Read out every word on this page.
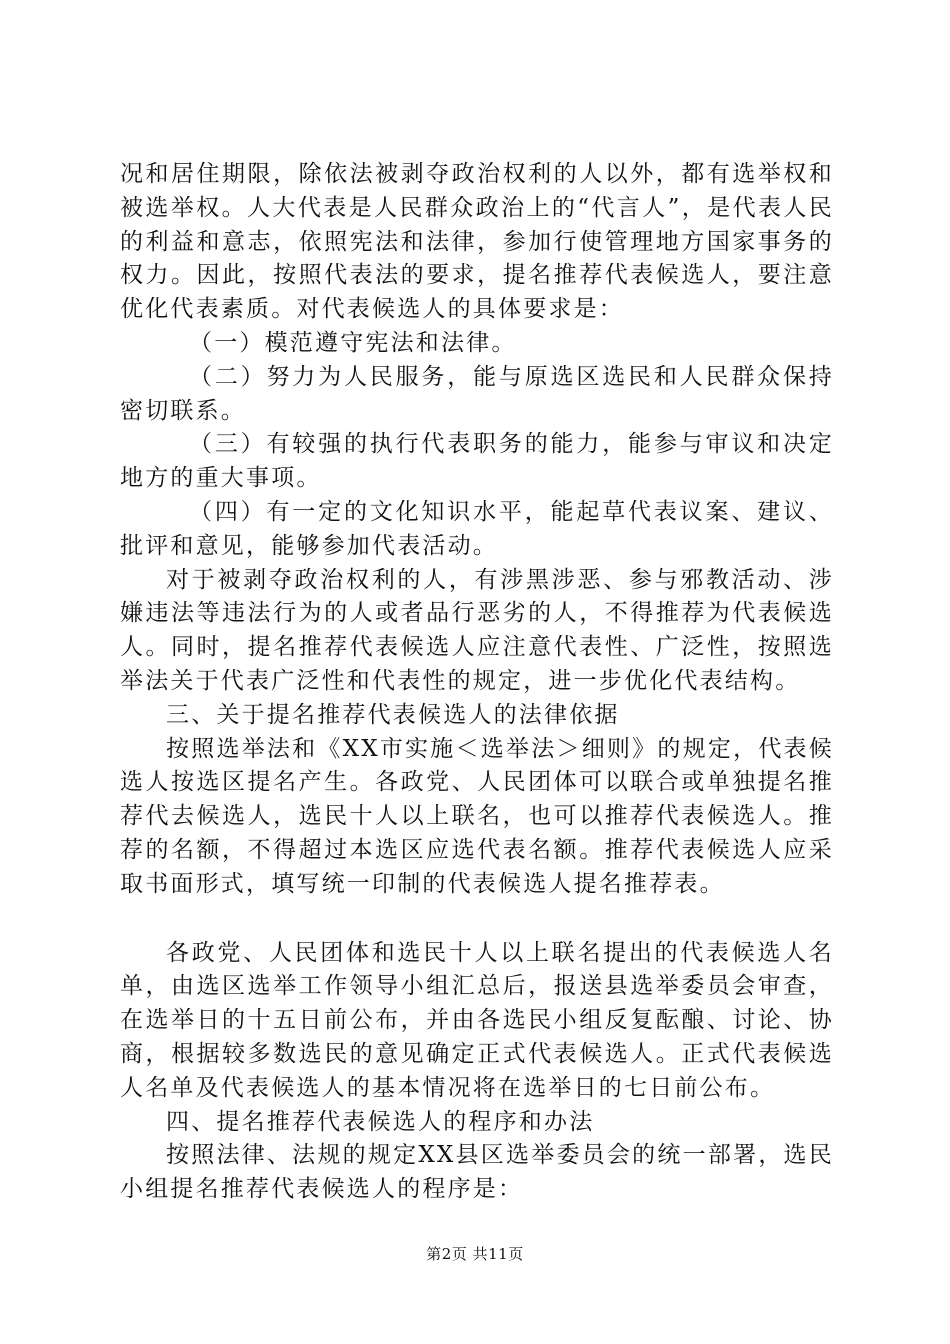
况和居住期限，除依法被剥夺政治权利的人以外，都有选举权和被选举权。人大代表是人民群众政治上的“代言人”，是代表人民的利益和意志，依照宪法和法律，参加行使管理地方国家事务的权力。因此，按照代表法的要求，提名推荐代表候选人，要注意优化代表素质。对代表候选人的具体要求是：

（一）模范遵守宪法和法律。

（二）努力为人民服务，能与原选区选民和人民群众保持密切联系。

（三）有较强的执行代表职务的能力，能参与审议和决定地方的重大事项。

（四）有一定的文化知识水平，能起草代表议案、建议、批评和意见，能够参加代表活动。

对于被剥夺政治权利的人，有涉黑涉恶、参与邪教活动、涉嫌违法等违法行为的人或者品行恶劣的人，不得推荐为代表候选人。同时，提名推荐代表候选人应注意代表性、广泛性，按照选举法关于代表广泛性和代表性的规定，进一步优化代表结构。

三、关于提名推荐代表候选人的法律依据

按照选举法和《XX市实施＜选举法＞细则》的规定，代表候选人按选区提名产生。各政党、人民团体可以联合或单独提名推荐代去候选人，选民十人以上联名，也可以推荐代表候选人。推荐的名额，不得超过本选区应选代表名额。推荐代表候选人应采取书面形式，填写统一印制的代表候选人提名推荐表。

各政党、人民团体和选民十人以上联名提出的代表候选人名单，由选区选举工作领导小组汇总后，报送县选举委员会审查，在选举日的十五日前公布，并由各选民小组反复酝酿、讨论、协商，根据较多数选民的意见确定正式代表候选人。正式代表候选人名单及代表候选人的基本情况将在选举日的七日前公布。

四、提名推荐代表候选人的程序和办法

按照法律、法规的规定XX县区选举委员会的统一部署，选民小组提名推荐代表候选人的程序是：

第2页 共11页
